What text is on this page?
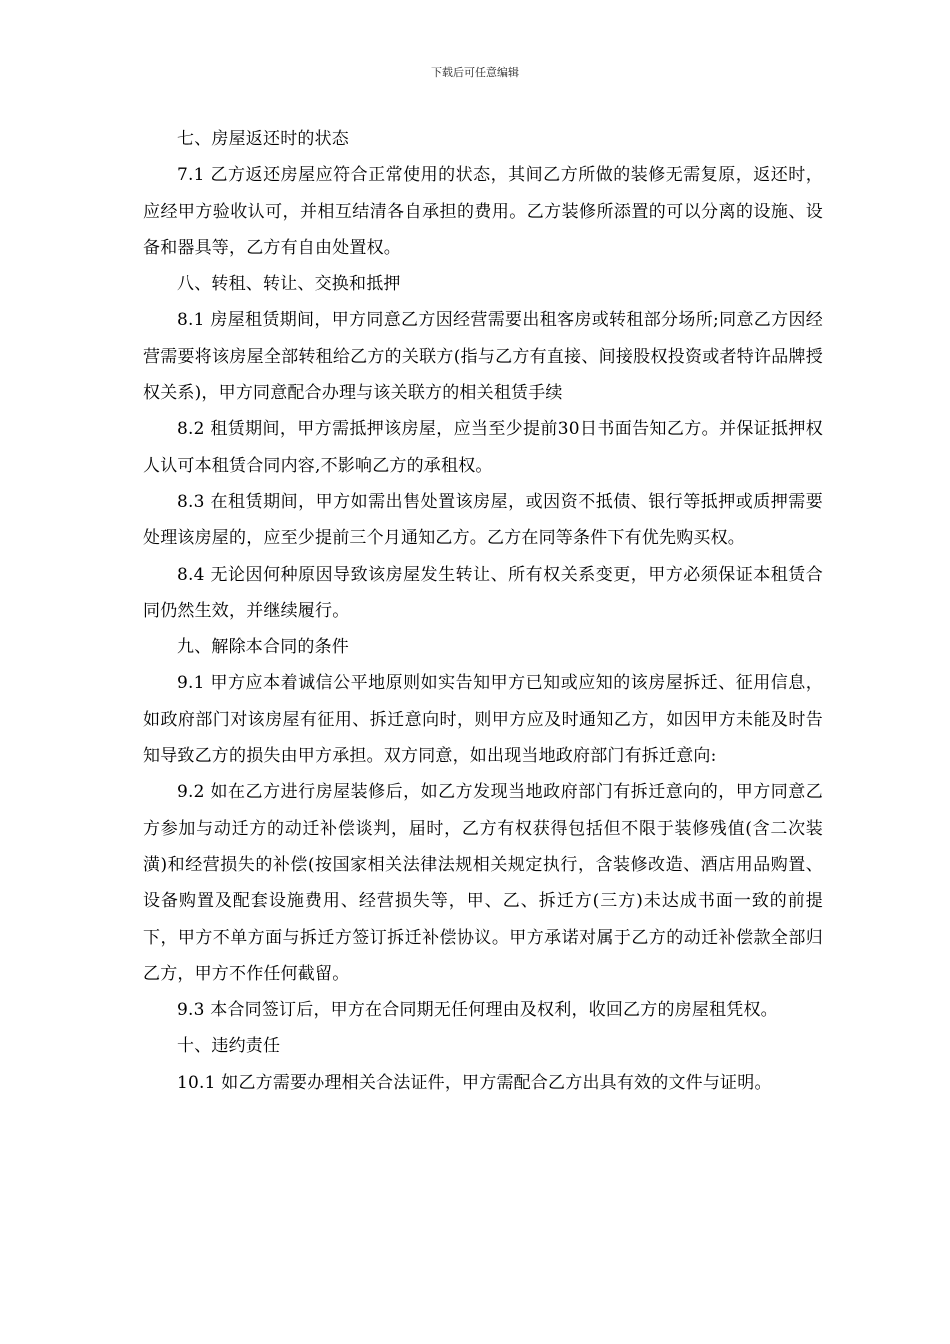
下载后可任意编辑

七、房屋返还时的状态

7.1 乙方返还房屋应符合正常使用的状态，其间乙方所做的装修无需复原，返还时，应经甲方验收认可，并相互结清各自承担的费用。乙方装修所添置的可以分离的设施、设备和器具等，乙方有自由处置权。

八、转租、转让、交换和抵押

8.1 房屋租赁期间，甲方同意乙方因经营需要出租客房或转租部分场所;同意乙方因经营需要将该房屋全部转租给乙方的关联方(指与乙方有直接、间接股权投资或者特许品牌授权关系)，甲方同意配合办理与该关联方的相关租赁手续

8.2 租赁期间，甲方需抵押该房屋，应当至少提前30日书面告知乙方。并保证抵押权人认可本租赁合同内容,不影响乙方的承租权。

8.3 在租赁期间，甲方如需出售处置该房屋，或因资不抵债、银行等抵押或质押需要处理该房屋的，应至少提前三个月通知乙方。乙方在同等条件下有优先购买权。

8.4 无论因何种原因导致该房屋发生转让、所有权关系变更，甲方必须保证本租赁合同仍然生效，并继续履行。

九、解除本合同的条件

9.1 甲方应本着诚信公平地原则如实告知甲方已知或应知的该房屋拆迁、征用信息，如政府部门对该房屋有征用、拆迁意向时，则甲方应及时通知乙方，如因甲方未能及时告知导致乙方的损失由甲方承担。双方同意，如出现当地政府部门有拆迁意向:

9.2 如在乙方进行房屋装修后，如乙方发现当地政府部门有拆迁意向的，甲方同意乙方参加与动迁方的动迁补偿谈判，届时，乙方有权获得包括但不限于装修残值(含二次装潢)和经营损失的补偿(按国家相关法律法规相关规定执行，含装修改造、酒店用品购置、设备购置及配套设施费用、经营损失等，甲、乙、拆迁方(三方)未达成书面一致的前提下，甲方不单方面与拆迁方签订拆迁补偿协议。甲方承诺对属于乙方的动迁补偿款全部归乙方，甲方不作任何截留。

9.3 本合同签订后，甲方在合同期无任何理由及权利，收回乙方的房屋租凭权。

十、违约责任

10.1 如乙方需要办理相关合法证件，甲方需配合乙方出具有效的文件与证明。
